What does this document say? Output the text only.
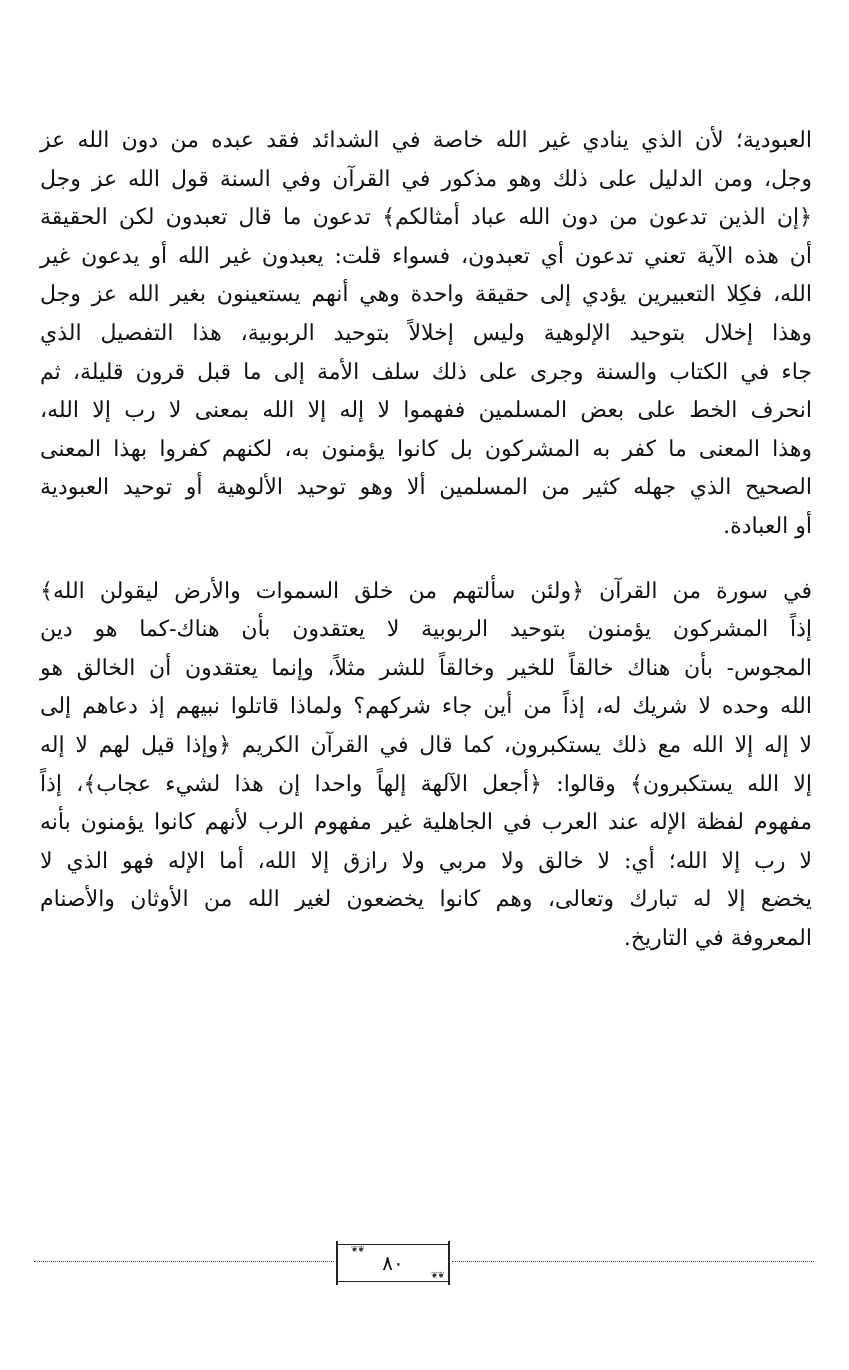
العبودية؛ لأن الذي ينادي غير الله خاصة في الشدائد فقد عبده من دون الله عز
وجل، ومن الدليل على ذلك وهو مذكور في القرآن وفي السنة قول الله عز وجل
﴿إن الذين تدعون من دون الله عباد أمثالكم﴾ تدعون ما قال تعبدون لكن الحقيقة
أن هذه الآية تعني تدعون أي تعبدون، فسواء قلت: يعبدون غير الله أو يدعون غير
الله، فكِلا التعبيرين يؤدي إلى حقيقة واحدة وهي أنهم يستعينون بغير الله عز وجل
وهذا إخلال بتوحيد الإلوهية وليس إخلالاً بتوحيد الربوبية، هذا التفصيل الذي
جاء في الكتاب والسنة وجرى على ذلك سلف الأمة إلى ما قبل قرون قليلة، ثم
انحرف الخط على بعض المسلمين ففهموا لا إله إلا الله بمعنى لا رب إلا الله،
وهذا المعنى ما كفر به المشركون بل كانوا يؤمنون به، لكنهم كفروا بهذا المعنى
الصحيح الذي جهله كثير من المسلمين ألا وهو توحيد الألوهية أو توحيد العبودية
أو العبادة.

في سورة من القرآن ﴿ولئن سألتهم من خلق السموات والأرض ليقولن الله﴾
إذاً المشركون يؤمنون بتوحيد الربوبية لا يعتقدون بأن هناك-كما هو دين
المجوس- بأن هناك خالقاً للخير وخالقاً للشر مثلاً، وإنما يعتقدون أن الخالق هو
الله وحده لا شريك له، إذاً من أين جاء شركهم؟ ولماذا قاتلوا نبيهم إذ دعاهم إلى
لا إله إلا الله مع ذلك يستكبرون، كما قال في القرآن الكريم ﴿وإذا قيل لهم لا إله
إلا الله يستكبرون﴾ وقالوا: ﴿أجعل الآلهة إلهاً واحدا إن هذا لشيء عجاب﴾، إذاً
مفهوم لفظة الإله عند العرب في الجاهلية غير مفهوم الرب لأنهم كانوا يؤمنون بأنه
لا رب إلا الله؛ أي: لا خالق ولا مربي ولا رازق إلا الله، أما الإله فهو الذي لا
يخضع إلا له تبارك وتعالى، وهم كانوا يخضعون لغير الله من الأوثان والأصنام
المعروفة في التاريخ.

❦❦
❦❦
٨٠
